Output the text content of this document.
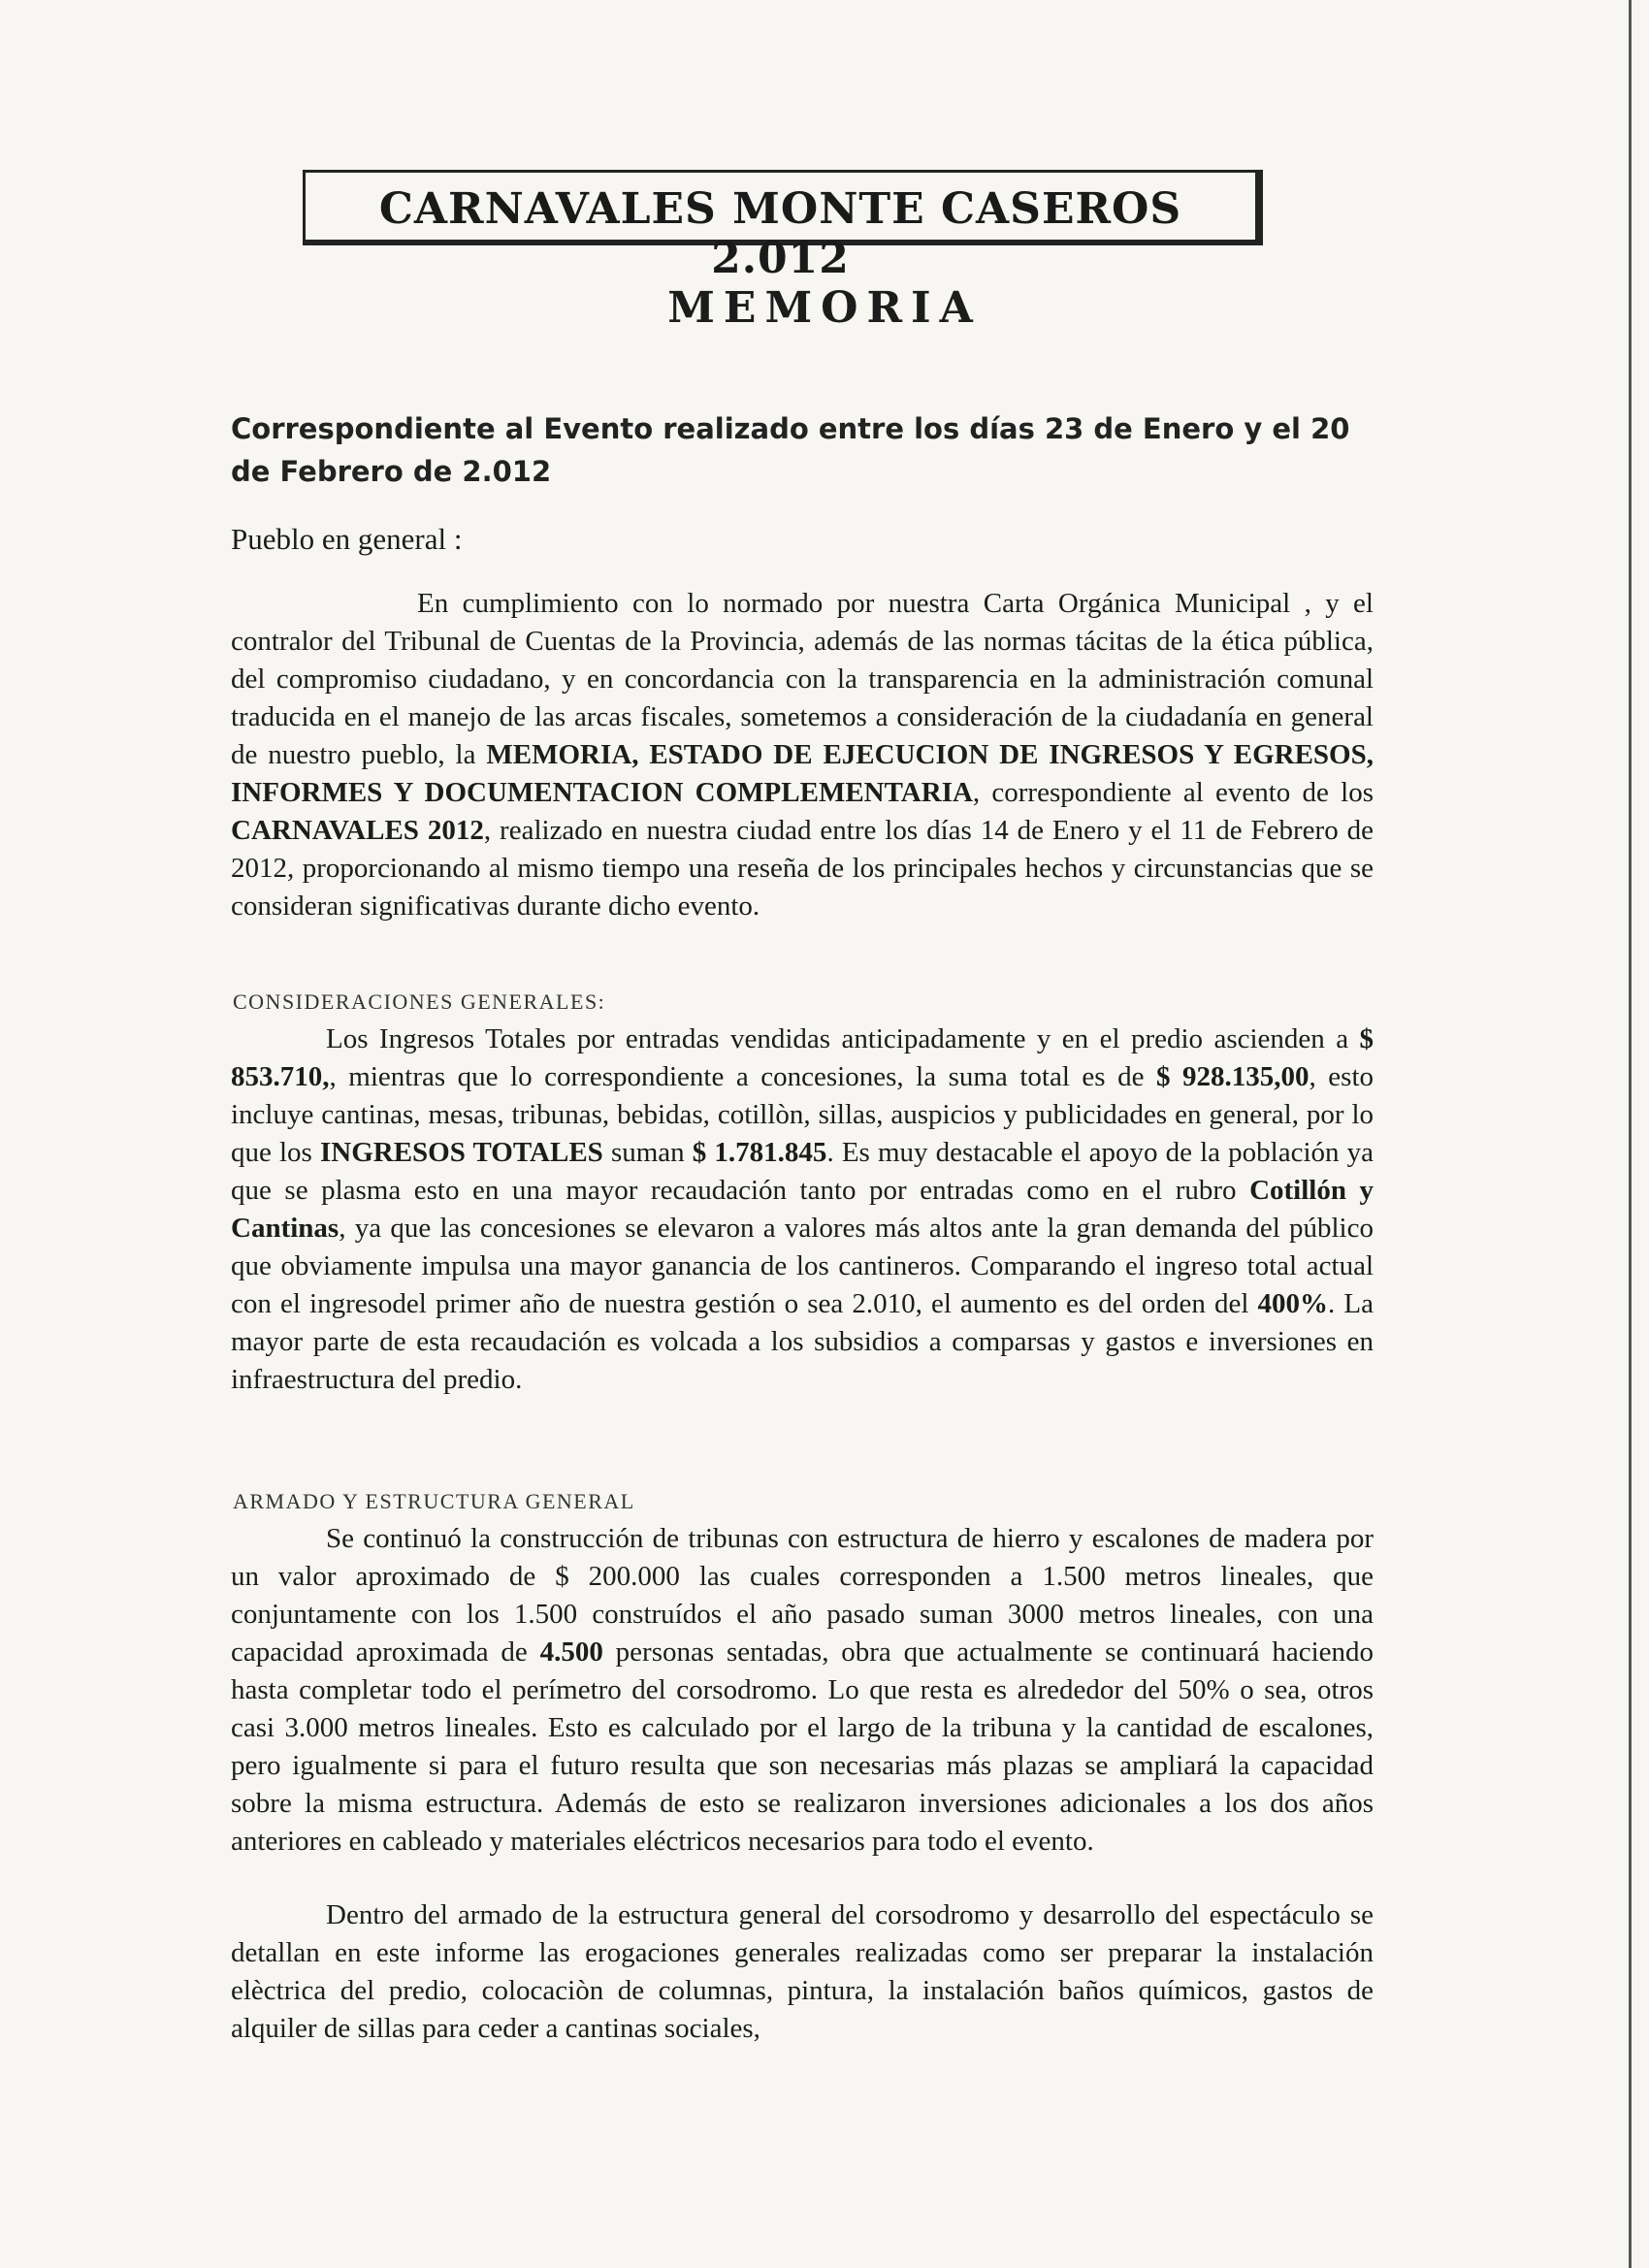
CARNAVALES MONTE CASEROS 2.012
MEMORIA
Correspondiente al Evento realizado entre los días 23 de Enero y el 20 de Febrero de 2.012
Pueblo en general :
En cumplimiento con lo normado por nuestra Carta Orgánica Municipal , y el contralor del Tribunal de Cuentas de la Provincia, además de las normas tácitas de la ética pública, del compromiso ciudadano, y en concordancia con la transparencia en la administración comunal traducida en el manejo de las arcas fiscales, sometemos a consideración de la ciudadanía en general de nuestro pueblo, la MEMORIA, ESTADO DE EJECUCION DE INGRESOS Y EGRESOS, INFORMES Y DOCUMENTACION COMPLEMENTARIA, correspondiente al evento de los CARNAVALES 2012, realizado en nuestra ciudad entre los días 14 de Enero y el 11 de Febrero de 2012, proporcionando al mismo tiempo una reseña de los principales hechos y circunstancias que se consideran significativas durante dicho evento.
CONSIDERACIONES GENERALES:
Los Ingresos Totales por entradas vendidas anticipadamente y en el predio ascienden a $ 853.710,, mientras que lo correspondiente a concesiones, la suma total es de $ 928.135,00, esto incluye cantinas, mesas, tribunas, bebidas, cotillòn, sillas, auspicios y publicidades en general, por lo que los INGRESOS TOTALES suman $ 1.781.845. Es muy destacable el apoyo de la población ya que se plasma esto en una mayor recaudación tanto por entradas como en el rubro Cotillón y Cantinas, ya que las concesiones se elevaron a valores más altos ante la gran demanda del público que obviamente impulsa una mayor ganancia de los cantineros. Comparando el ingreso total actual con el ingresodel primer año de nuestra gestión o sea 2.010, el aumento es del orden del 400%. La mayor parte de esta recaudación es volcada a los subsidios a comparsas y gastos e inversiones en infraestructura del predio.
ARMADO Y ESTRUCTURA GENERAL
Se continuó la construcción de tribunas con estructura de hierro y escalones de madera por un valor aproximado de $ 200.000 las cuales corresponden a 1.500 metros lineales, que conjuntamente con los 1.500 construídos el año pasado suman 3000 metros lineales, con una capacidad aproximada de 4.500 personas sentadas, obra que actualmente se continuará haciendo hasta completar todo el perímetro del corsodromo. Lo que resta es alrededor del 50% o sea, otros casi 3.000 metros lineales. Esto es calculado por el largo de la tribuna y la cantidad de escalones, pero igualmente si para el futuro resulta que son necesarias más plazas se ampliará la capacidad sobre la misma estructura. Además de esto se realizaron inversiones adicionales a los dos años anteriores en cableado y materiales eléctricos necesarios para todo el evento.
Dentro del armado de la estructura general del corsodromo y desarrollo del espectáculo se detallan en este informe las erogaciones generales realizadas como ser preparar la instalación elèctrica del predio, colocaciòn de columnas, pintura, la instalación baños químicos, gastos de alquiler de sillas para ceder a cantinas sociales,
